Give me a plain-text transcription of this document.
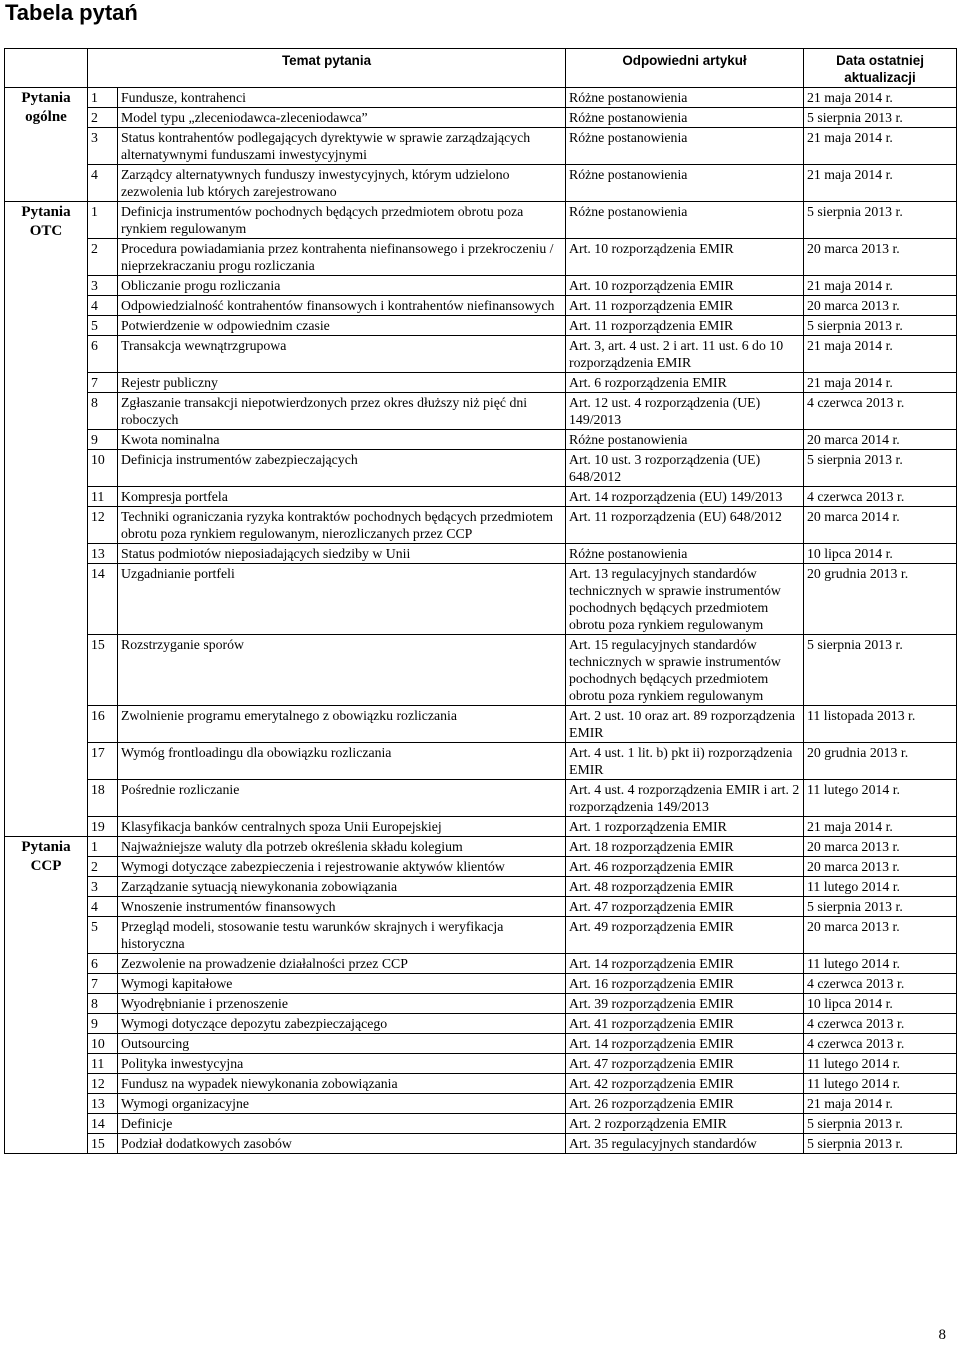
Tabela pytań
	Temat pytania		Odpowiedni artykuł	Data ostatniej aktualizacji
Pytania ogólne	1	Fundusze, kontrahenci	Różne postanowienia	21 maja 2014 r.
	2	Model typu „zleceniodawca-zleceniodawca”	Różne postanowienia	5 sierpnia 2013 r.
	3	Status kontrahentów podlegających dyrektywie w sprawie zarządzających alternatywnymi funduszami inwestycyjnymi	Różne postanowienia	21 maja 2014 r.
	4	Zarządcy alternatywnych funduszy inwestycyjnych, którym udzielono zezwolenia lub których zarejestrowano	Różne postanowienia	21 maja 2014 r.
Pytania OTC	1	Definicja instrumentów pochodnych będących przedmiotem obrotu poza rynkiem regulowanym	Różne postanowienia	5 sierpnia 2013 r.
	2	Procedura powiadamiania przez kontrahenta niefinansowego i przekroczeniu / nieprzekraczaniu progu rozliczania	Art. 10 rozporządzenia EMIR	20 marca 2013 r.
	3	Obliczanie progu rozliczania	Art. 10 rozporządzenia EMIR	21 maja 2014 r.
	4	Odpowiedzialność kontrahentów finansowych i kontrahentów niefinansowych	Art. 11 rozporządzenia EMIR	20 marca 2013 r.
	5	Potwierdzenie w odpowiednim czasie	Art. 11 rozporządzenia EMIR	5 sierpnia 2013 r.
	6	Transakcja wewnątrzgrupowa	Art. 3, art. 4 ust. 2 i art. 11 ust. 6 do 10 rozporządzenia EMIR	21 maja 2014 r.
	7	Rejestr publiczny	Art. 6 rozporządzenia EMIR	21 maja 2014 r.
	8	Zgłaszanie transakcji niepotwierdzonych przez okres dłuższy niż pięć dni roboczych	Art. 12 ust. 4 rozporządzenia (UE) 149/2013	4 czerwca 2013 r.
	9	Kwota nominalna	Różne postanowienia	20 marca 2014 r.
	10	Definicja instrumentów zabezpieczających	Art. 10 ust. 3 rozporządzenia (UE) 648/2012	5 sierpnia 2013 r.
	11	Kompresja portfela	Art. 14 rozporządzenia (EU) 149/2013	4 czerwca 2013 r.
	12	Techniki ograniczania ryzyka kontraktów pochodnych będących przedmiotem obrotu poza rynkiem regulowanym, nierozliczanych przez CCP	Art. 11 rozporządzenia (EU) 648/2012	20 marca 2014 r.
	13	Status podmiotów nieposiadających siedziby w Unii	Różne postanowienia	10 lipca 2014 r.
	14	Uzgadnianie portfeli	Art. 13 regulacyjnych standardów technicznych w sprawie instrumentów pochodnych będących przedmiotem obrotu poza rynkiem regulowanym	20 grudnia 2013 r.
	15	Rozstrzyganie sporów	Art. 15 regulacyjnych standardów technicznych w sprawie instrumentów pochodnych będących przedmiotem obrotu poza rynkiem regulowanym	5 sierpnia 2013 r.
	16	Zwolnienie programu emerytalnego z obowiązku rozliczania	Art. 2 ust. 10 oraz art. 89 rozporządzenia EMIR	11 listopada 2013 r.
	17	Wymóg frontloadingu dla obowiązku rozliczania	Art. 4 ust. 1 lit. b) pkt ii) rozporządzenia EMIR	20 grudnia 2013 r.
	18	Pośrednie rozliczanie	Art. 4 ust. 4 rozporządzenia EMIR i art. 2 rozporządzenia 149/2013	11 lutego 2014 r.
	19	Klasyfikacja banków centralnych spoza Unii Europejskiej	Art. 1 rozporządzenia EMIR	21 maja 2014 r.
Pytania CCP	1	Najważniejsze waluty dla potrzeb określenia składu kolegium	Art. 18 rozporządzenia EMIR	20 marca 2013 r.
	2	Wymogi dotyczące zabezpieczenia i rejestrowanie aktywów klientów	Art. 46 rozporządzenia EMIR	20 marca 2013 r.
	3	Zarządzanie sytuacją niewykonania zobowiązania	Art. 48 rozporządzenia EMIR	11 lutego 2014 r.
	4	Wnoszenie instrumentów finansowych	Art. 47 rozporządzenia EMIR	5 sierpnia 2013 r.
	5	Przegląd modeli, stosowanie testu warunków skrajnych i weryfikacja historyczna	Art. 49 rozporządzenia EMIR	20 marca 2013 r.
	6	Zezwolenie na prowadzenie działalności przez CCP	Art. 14 rozporządzenia EMIR	11 lutego 2014 r.
	7	Wymogi kapitałowe	Art. 16 rozporządzenia EMIR	4 czerwca 2013 r.
	8	Wyodrębnianie i przenoszenie	Art. 39 rozporządzenia EMIR	10 lipca 2014 r.
	9	Wymogi dotyczące depozytu zabezpieczającego	Art. 41 rozporządzenia EMIR	4 czerwca 2013 r.
	10	Outsourcing	Art. 14 rozporządzenia EMIR	4 czerwca 2013 r.
	11	Polityka inwestycyjna	Art. 47 rozporządzenia EMIR	11 lutego 2014 r.
	12	Fundusz na wypadek niewykonania zobowiązania	Art. 42 rozporządzenia EMIR	11 lutego 2014 r.
	13	Wymogi organizacyjne	Art. 26 rozporządzenia EMIR	21 maja 2014 r.
	14	Definicje	Art. 2 rozporządzenia EMIR	5 sierpnia 2013 r.
	15	Podział dodatkowych zasobów	Art. 35 regulacyjnych standardów	5 sierpnia 2013 r.
8
